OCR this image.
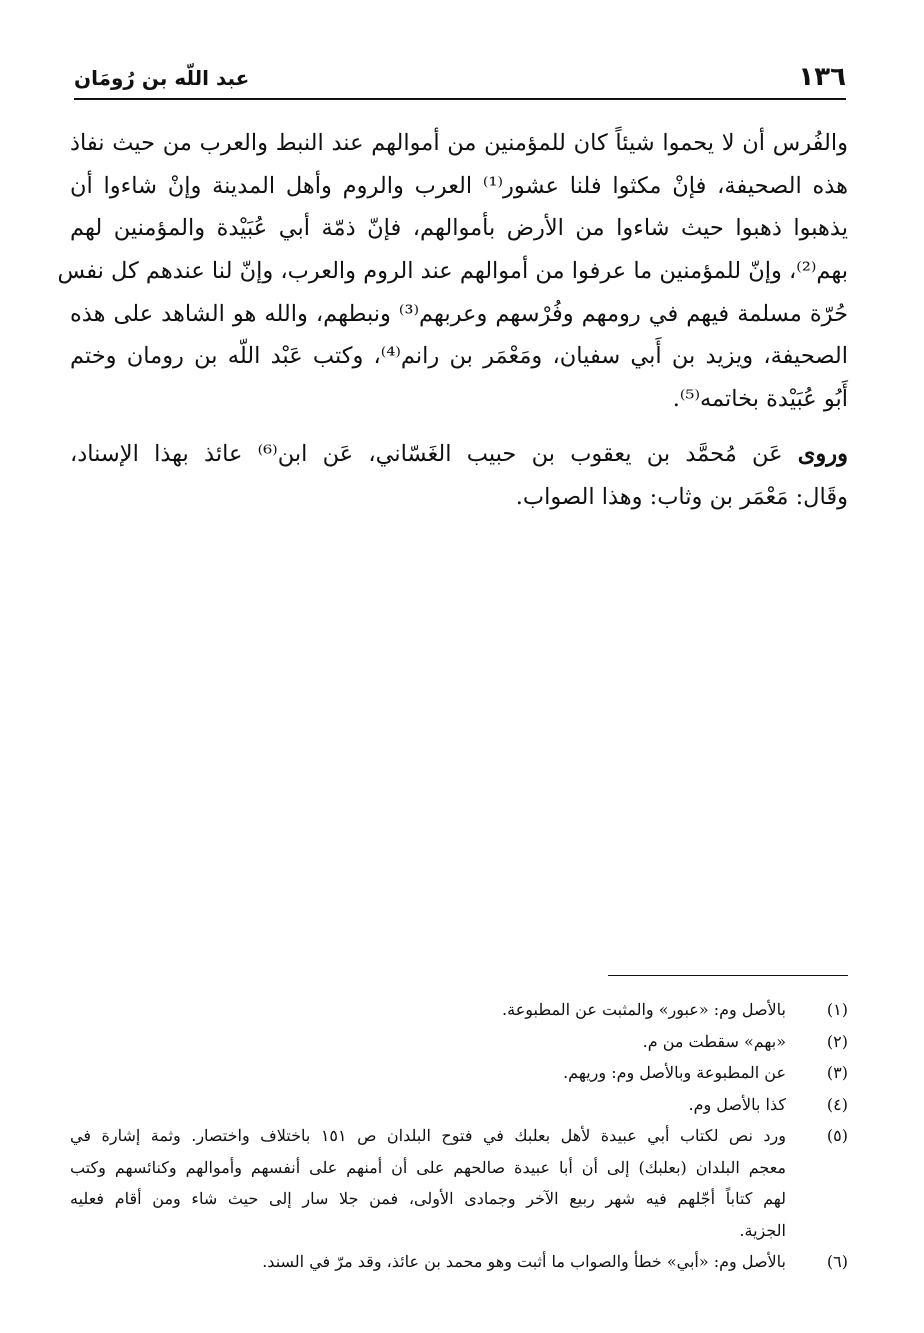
١٣٦
عبد اللّه بن رُومَان
والفُرس أن لا يحموا شيئاً كان للمؤمنين من أموالهم عند النبط والعرب من حيث نفاذ
هذه الصحيفة، فإنْ مكثوا فلنا عشور⁽¹⁾ العرب والروم وأهل المدينة وإنْ شاءوا أن
يذهبوا ذهبوا حيث شاءوا من الأرض بأموالهم، فإنّ ذمّة أبي عُبَيْدة والمؤمنين لهم
بهم⁽²⁾، وإنّ للمؤمنين ما عرفوا من أموالهم عند الروم والعرب، وإنّ لنا عندهم كل نفس
حُرّة مسلمة فيهم في رومهم وفُرْسهم وعربهم⁽³⁾ ونبطهم، والله هو الشاهد على هذه
الصحيفة، ويزيد بن أَبي سفيان، ومَعْمَر بن رانم⁽⁴⁾، وكتب عَبْد اللّه بن رومان وختم
أَبُو عُبَيْدة بخاتمه⁽⁵⁾.
وروى عَن مُحمَّد بن يعقوب بن حبيب الغَسّاني، عَن ابن⁽⁶⁾ عائذ بهذا الإسناد،
وقَال: مَعْمَر بن وثاب: وهذا الصواب.
(١)
بالأصل وم: «عبور» والمثبت عن المطبوعة.
(٢)
«بهم» سقطت من م.
(٣)
عن المطبوعة وبالأصل وم: وريهم.
(٤)
كذا بالأصل وم.
(٥)
ورد نص لكتاب أبي عبيدة لأهل بعلبك في فتوح البلدان ص ١٥١ باختلاف واختصار. وثمة إشارة في
معجم البلدان (بعلبك) إلى أن أبا عبيدة صالحهم على أن أمنهم على أنفسهم وأموالهم وكنائسهم وكتب
لهم كتاباً أجّلهم فيه شهر ربيع الآخر وجمادى الأولى، فمن جلا سار إلى حيث شاء ومن أقام فعليه
الجزية.
(٦)
بالأصل وم: «أبي» خطأ والصواب ما أثبت وهو محمد بن عائذ، وقد مرّ في السند.
